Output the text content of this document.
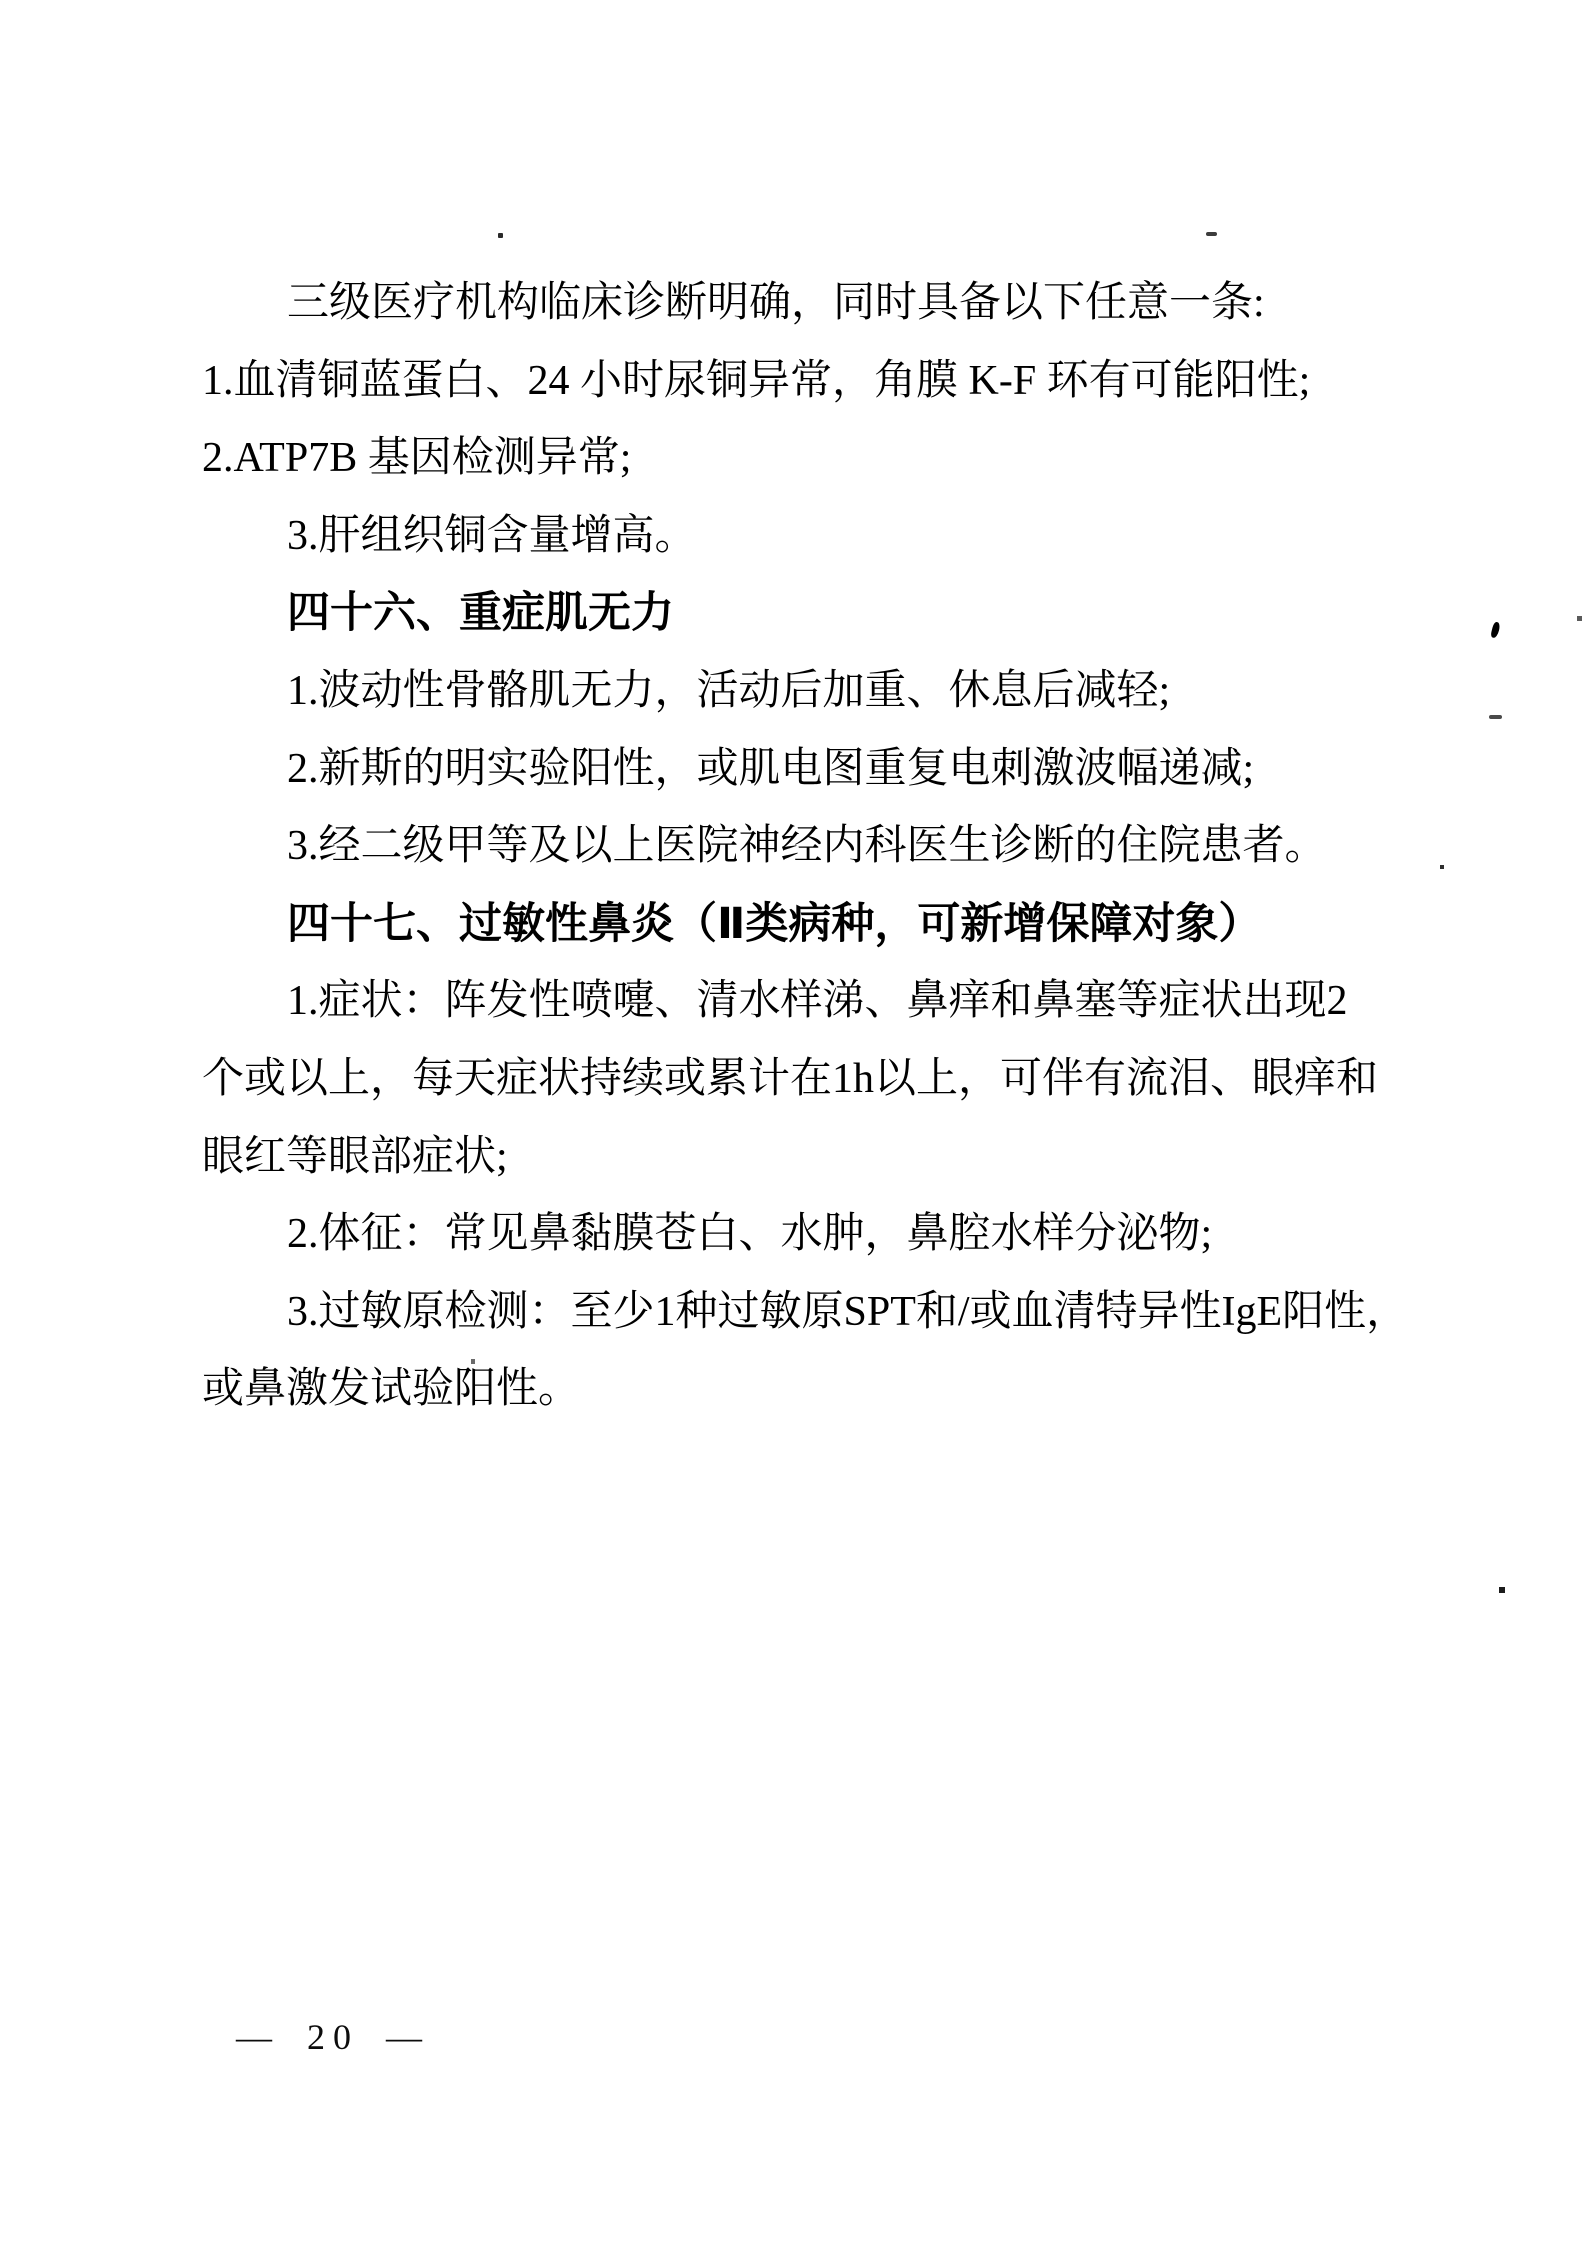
三级医疗机构临床诊断明确，同时具备以下任意一条:

1.血清铜蓝蛋白、24 小时尿铜异常，角膜 K-F 环有可能阳性;

2.ATP7B 基因检测异常;

3.肝组织铜含量增高。

四十六、重症肌无力

1.波动性骨骼肌无力，活动后加重、休息后减轻;

2.新斯的明实验阳性，或肌电图重复电刺激波幅递减;

3.经二级甲等及以上医院神经内科医生诊断的住院患者。

四十七、过敏性鼻炎（Ⅱ类病种，可新增保障对象）

1.症状：阵发性喷嚏、清水样涕、鼻痒和鼻塞等症状出现2

个或以上，每天症状持续或累计在1h以上，可伴有流泪、眼痒和

眼红等眼部症状;

2.体征：常见鼻黏膜苍白、水肿，鼻腔水样分泌物;

3.过敏原检测：至少1种过敏原SPT和/或血清特异性IgE阳性，

或鼻激发试验阳性。

— 20 —
